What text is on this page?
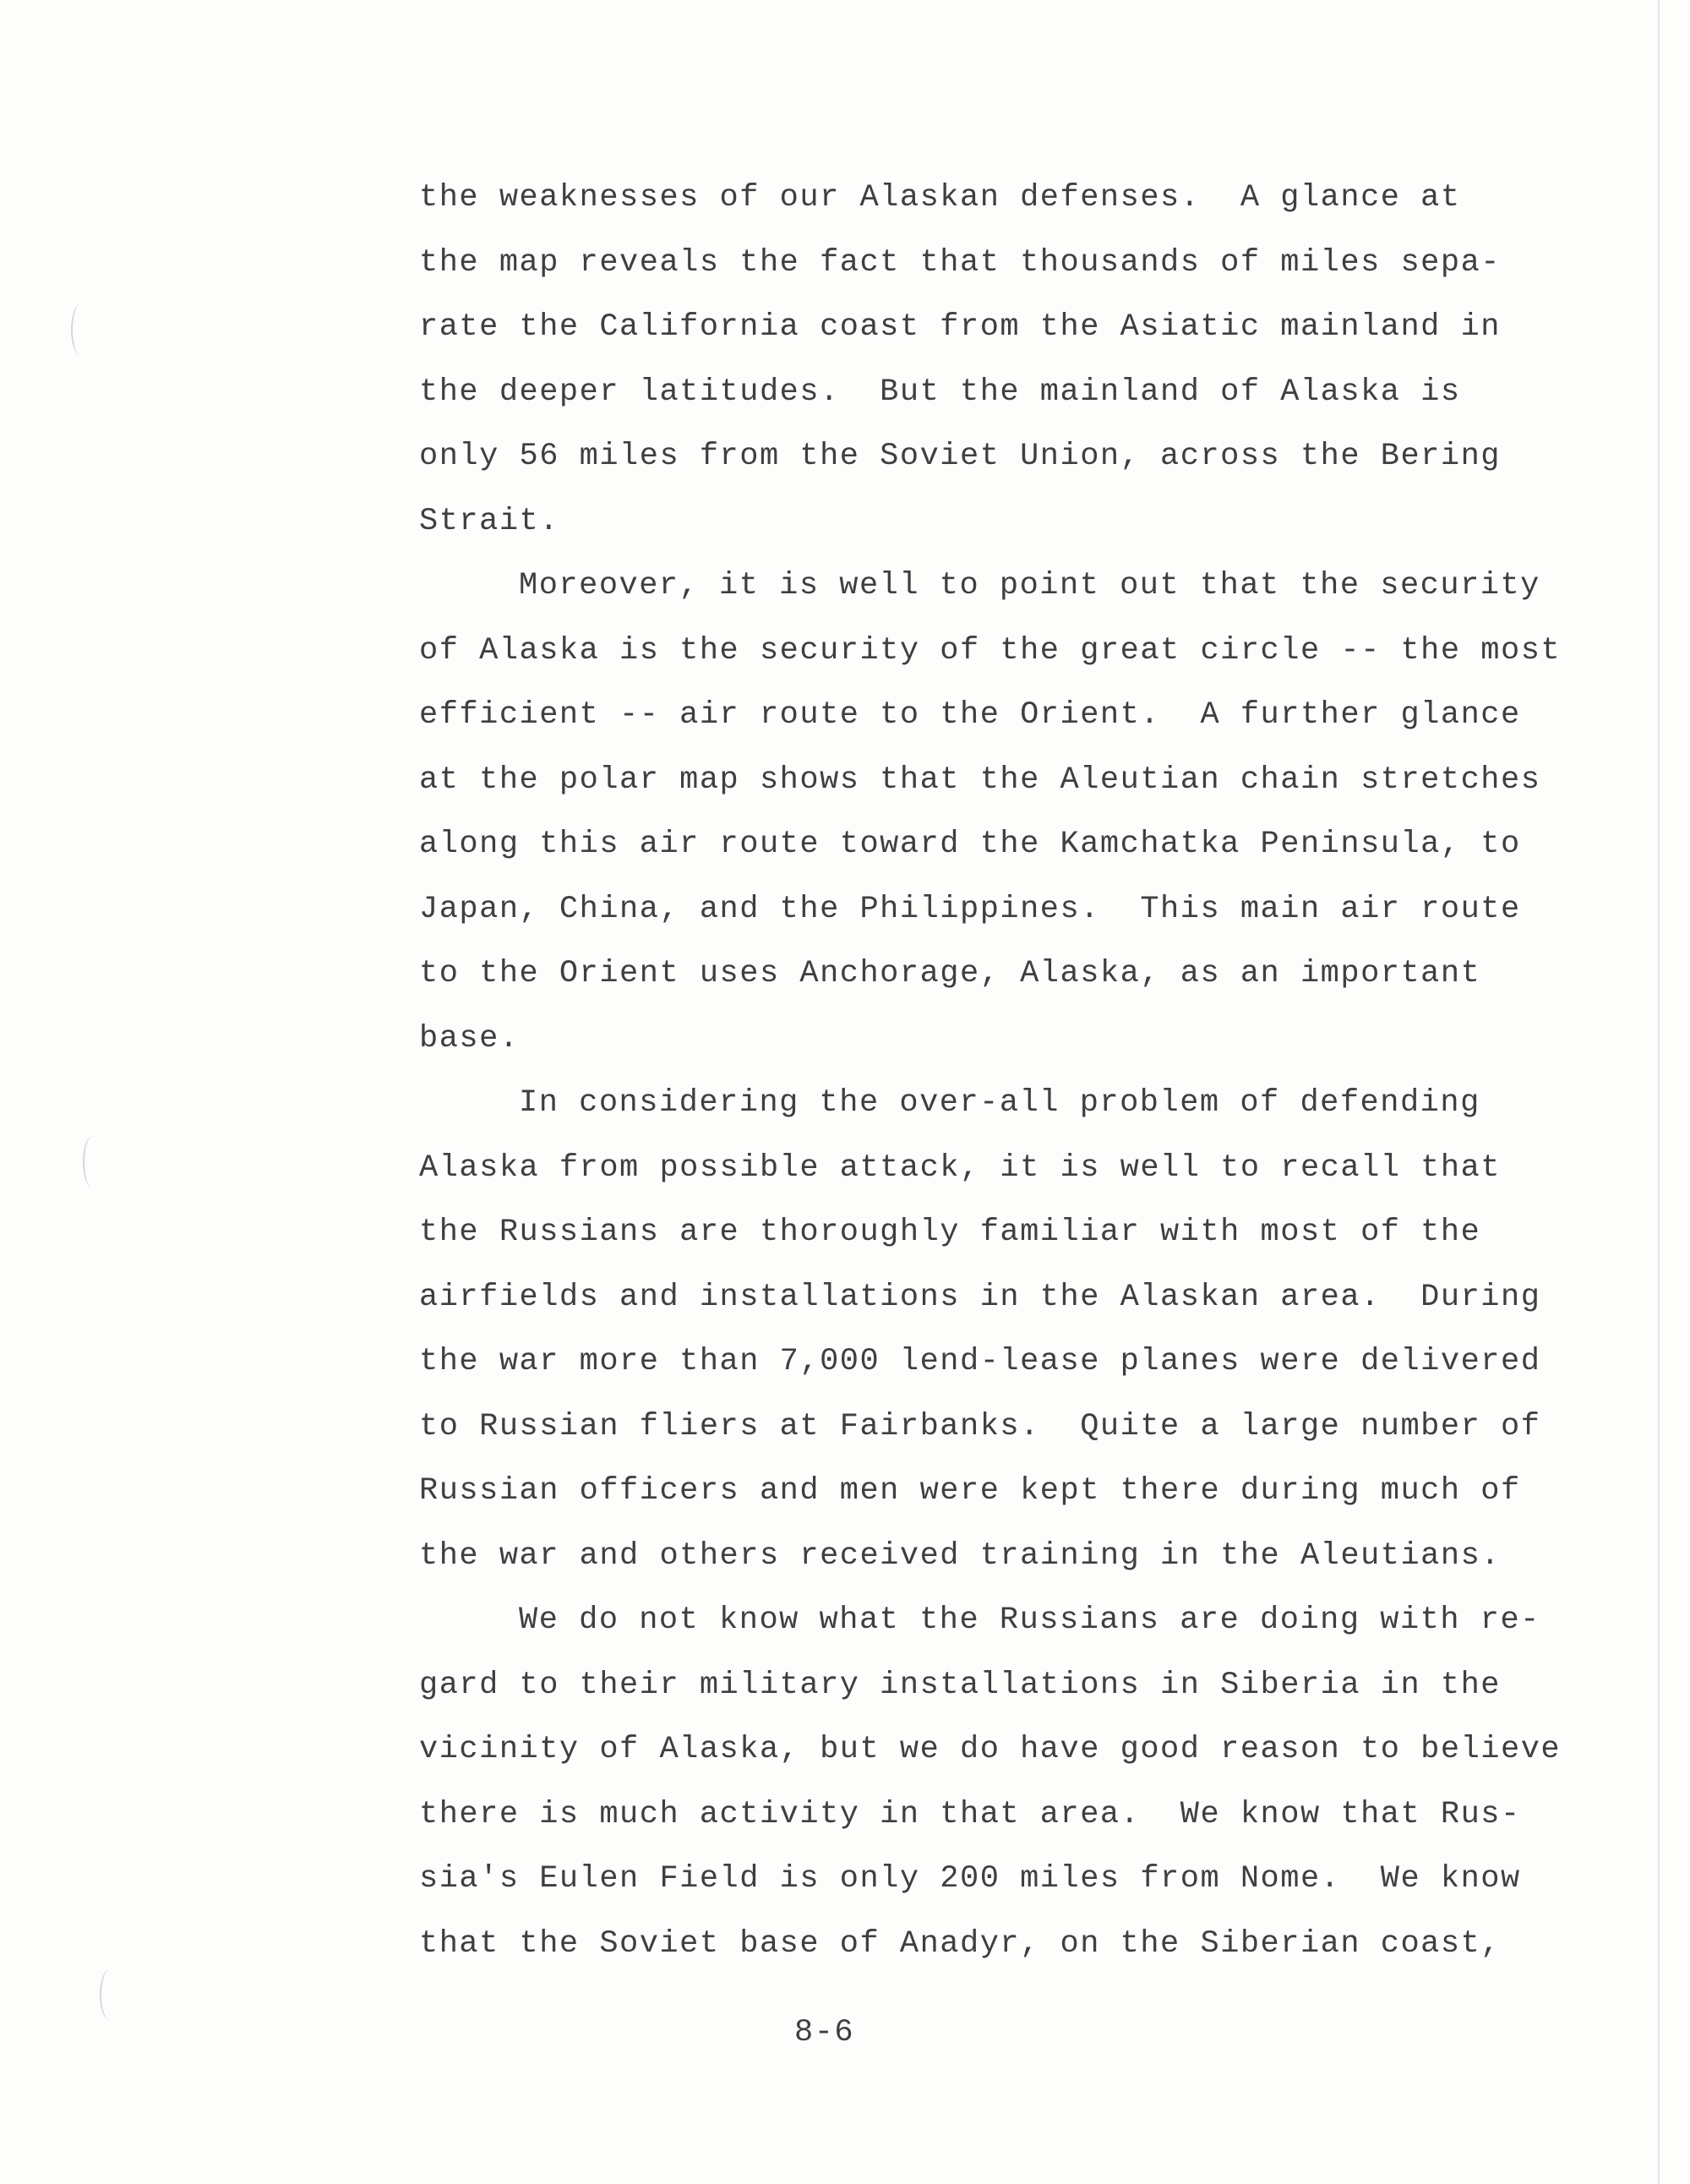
the weaknesses of our Alaskan defenses.  A glance at
the map reveals the fact that thousands of miles sepa-
rate the California coast from the Asiatic mainland in
the deeper latitudes.  But the mainland of Alaska is
only 56 miles from the Soviet Union, across the Bering
Strait.
Moreover, it is well to point out that the security
of Alaska is the security of the great circle -- the most
efficient -- air route to the Orient.  A further glance
at the polar map shows that the Aleutian chain stretches
along this air route toward the Kamchatka Peninsula, to
Japan, China, and the Philippines.  This main air route
to the Orient uses Anchorage, Alaska, as an important
base.
In considering the over-all problem of defending
Alaska from possible attack, it is well to recall that
the Russians are thoroughly familiar with most of the
airfields and installations in the Alaskan area.  During
the war more than 7,000 lend-lease planes were delivered
to Russian fliers at Fairbanks.  Quite a large number of
Russian officers and men were kept there during much of
the war and others received training in the Aleutians.
We do not know what the Russians are doing with re-
gard to their military installations in Siberia in the
vicinity of Alaska, but we do have good reason to believe
there is much activity in that area.  We know that Rus-
sia's Eulen Field is only 200 miles from Nome.  We know
that the Soviet base of Anadyr, on the Siberian coast,
8-6
